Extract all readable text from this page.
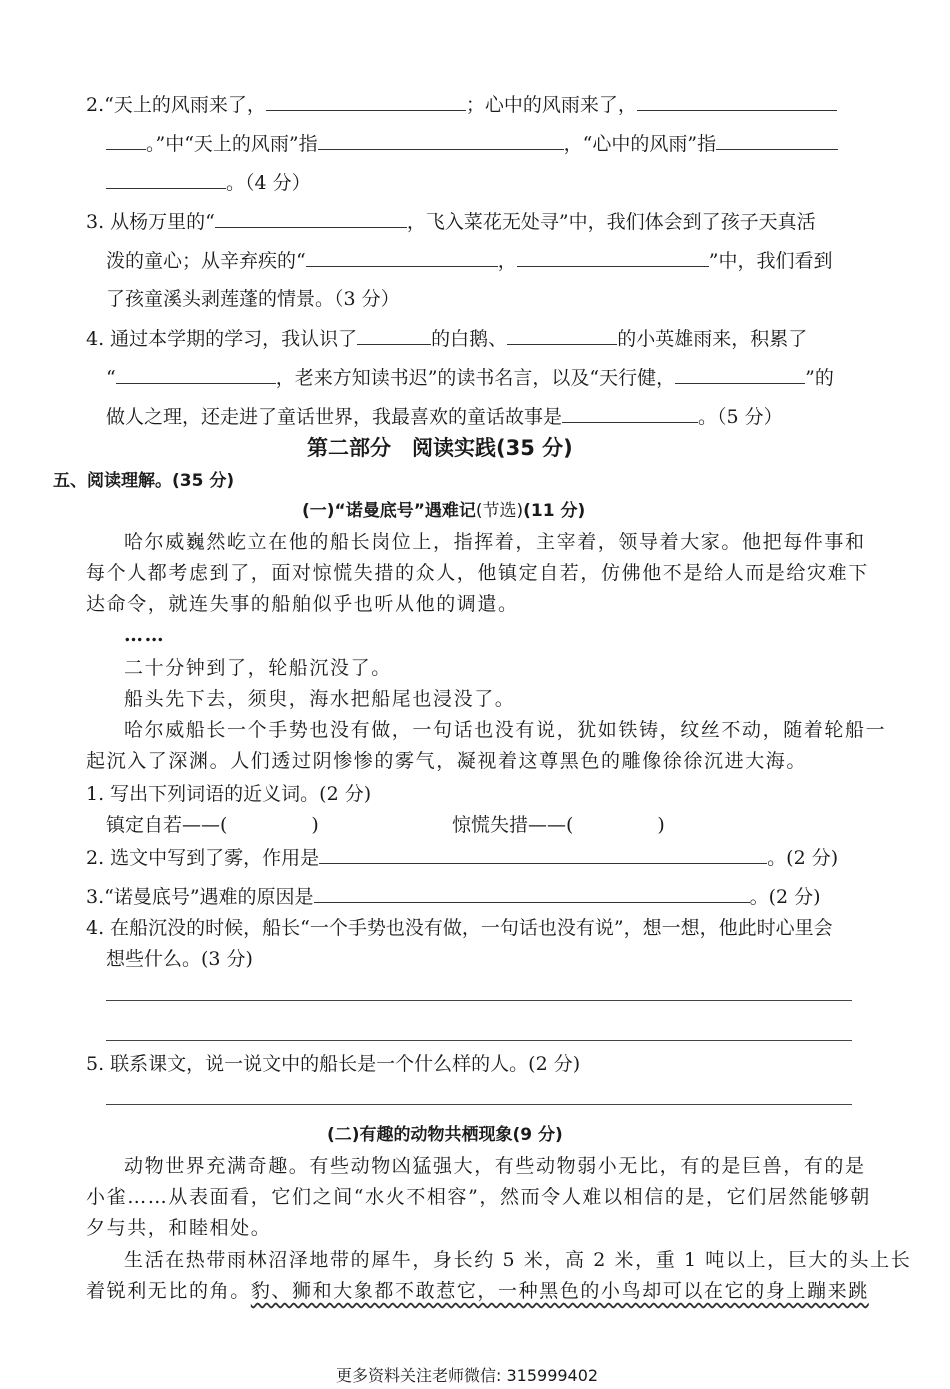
2.“天上的风雨来了，	；心中的风雨来了，
。”中“天上的风雨”指	，“心中的风雨”指
。（4 分）
3. 从杨万里的“	，飞入菜花无处寻”中，我们体会到了孩子天真活
泼的童心；从辛弃疾的“	，	”中，我们看到
了孩童溪头剥莲蓬的情景。（3 分）
4. 通过本学期的学习，我认识了	的白鹅、	的小英雄雨来，积累了
“	，老来方知读书迟”的读书名言，以及“天行健，	”的
做人之理，还走进了童话世界，我最喜欢的童话故事是	。（5 分）
第二部分　阅读实践(35 分)
五、阅读理解。(35 分)
(一)“诺曼底号”遇难记(节选)(11 分)
哈尔威巍然屹立在他的船长岗位上，指挥着，主宰着，领导着大家。他把每件事和
每个人都考虑到了，面对惊慌失措的众人，他镇定自若，仿佛他不是给人而是给灾难下
达命令，就连失事的船舶似乎也听从他的调遣。
……
二十分钟到了，轮船沉没了。
船头先下去，须臾，海水把船尾也浸没了。
哈尔威船长一个手势也没有做，一句话也没有说，犹如铁铸，纹丝不动，随着轮船一
起沉入了深渊。人们透过阴惨惨的雾气，凝视着这尊黑色的雕像徐徐沉进大海。
1. 写出下列词语的近义词。(2 分)
镇定自若——(	)	惊慌失措——(	)
2. 选文中写到了雾，作用是	。(2 分)
3.“诺曼底号”遇难的原因是	。(2 分)
4. 在船沉没的时候，船长“一个手势也没有做，一句话也没有说”，想一想，他此时心里会
想些什么。(3 分)
5. 联系课文，说一说文中的船长是一个什么样的人。(2 分)
(二)有趣的动物共栖现象(9 分)
动物世界充满奇趣。有些动物凶猛强大，有些动物弱小无比，有的是巨兽，有的是
小雀……从表面看，它们之间“水火不相容”，然而令人难以相信的是，它们居然能够朝
夕与共，和睦相处。
生活在热带雨林沼泽地带的犀牛，身长约 5 米，高 2 米，重 1 吨以上，巨大的头上长
着锐利无比的角。豹、狮和大象都不敢惹它，一种黑色的小鸟却可以在它的身上蹦来跳
更多资料关注老师微信: 315999402
